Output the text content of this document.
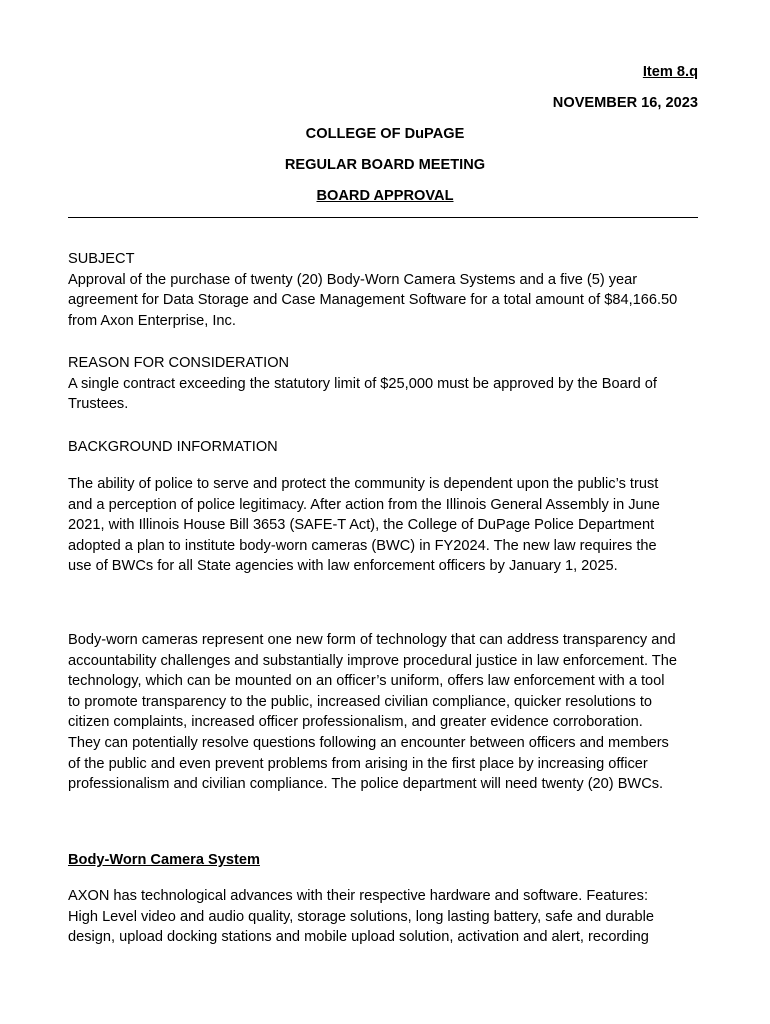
Item 8.q
NOVEMBER 16, 2023
COLLEGE OF DuPAGE
REGULAR BOARD MEETING
BOARD APPROVAL
SUBJECT
Approval of the purchase of twenty (20) Body-Worn Camera Systems and a five (5) year
agreement for Data Storage and Case Management Software for a total amount of $84,166.50
from Axon Enterprise, Inc.
REASON FOR CONSIDERATION
A single contract exceeding the statutory limit of $25,000 must be approved by the Board of
Trustees.
BACKGROUND INFORMATION
The ability of police to serve and protect the community is dependent upon the public’s trust
and a perception of police legitimacy. After action from the Illinois General Assembly in June
2021, with Illinois House Bill 3653 (SAFE-T Act), the College of DuPage Police Department
adopted a plan to institute body-worn cameras (BWC) in FY2024. The new law requires the
use of BWCs for all State agencies with law enforcement officers by January 1, 2025.
Body-worn cameras represent one new form of technology that can address transparency and
accountability challenges and substantially improve procedural justice in law enforcement. The
technology, which can be mounted on an officer’s uniform, offers law enforcement with a tool
to promote transparency to the public, increased civilian compliance, quicker resolutions to
citizen complaints, increased officer professionalism, and greater evidence corroboration.
They can potentially resolve questions following an encounter between officers and members
of the public and even prevent problems from arising in the first place by increasing officer
professionalism and civilian compliance. The police department will need twenty (20) BWCs.
Body-Worn Camera System
AXON has technological advances with their respective hardware and software. Features:
High Level video and audio quality, storage solutions, long lasting battery, safe and durable
design, upload docking stations and mobile upload solution, activation and alert, recording
